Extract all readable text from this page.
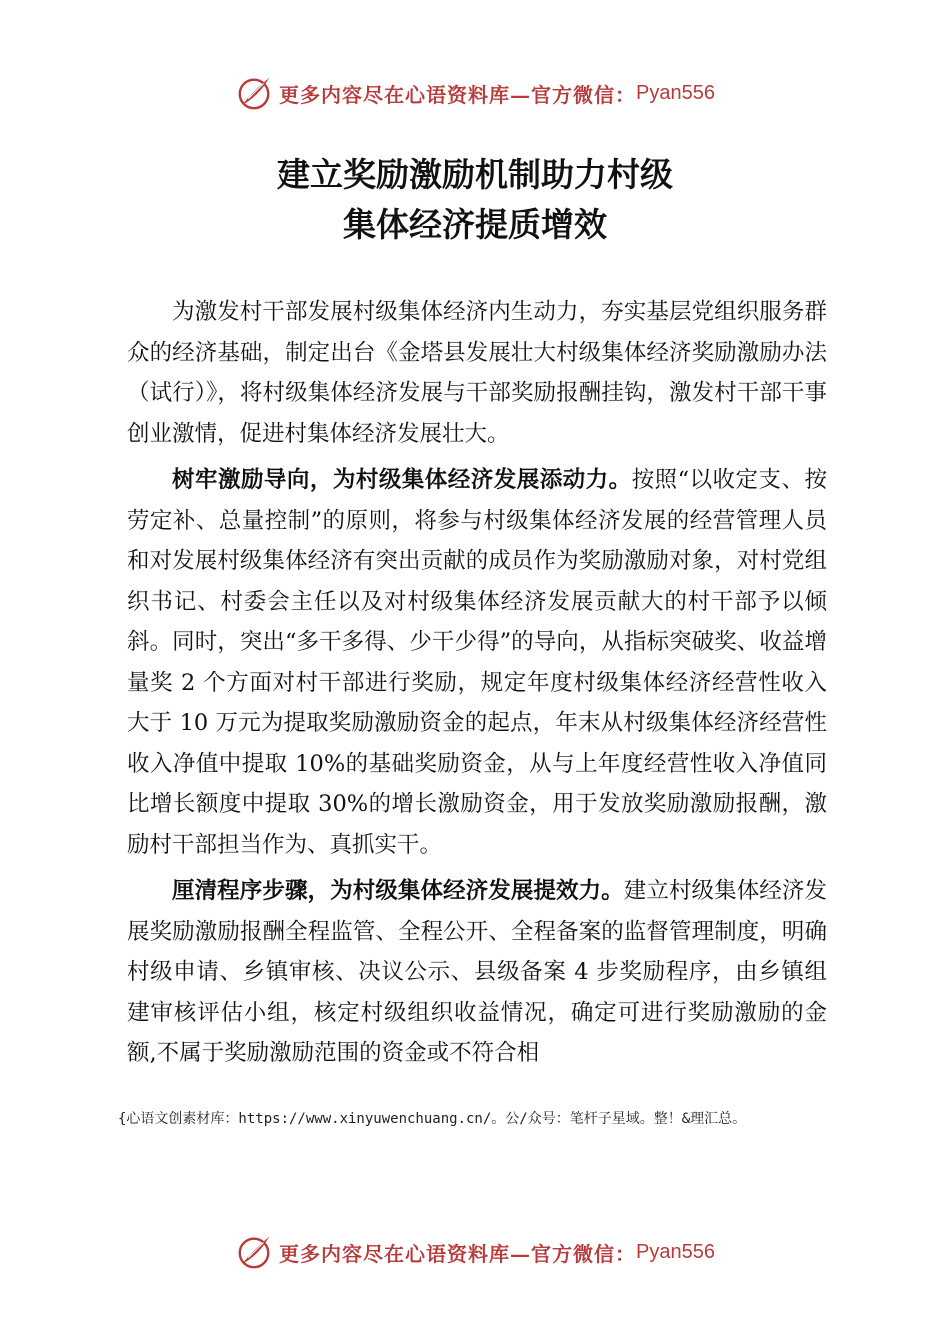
更多内容尽在心语资料库—官方微信： Pyan556
建立奖励激励机制助力村级
集体经济提质增效

为激发村干部发展村级集体经济内生动力，夯实基层党组织服务群众的经济基础，制定出台《金塔县发展壮大村级集体经济奖励激励办法（试行）》，将村级集体经济发展与干部奖励报酬挂钩，激发村干部干事创业激情，促进村集体经济发展壮大。

树牢激励导向，为村级集体经济发展添动力。按照“以收定支、按劳定补、总量控制”的原则，将参与村级集体经济发展的经营管理人员和对发展村级集体经济有突出贡献的成员作为奖励激励对象，对村党组织书记、村委会主任以及对村级集体经济发展贡献大的村干部予以倾斜。同时，突出“多干多得、少干少得”的导向，从指标突破奖、收益增量奖 2 个方面对村干部进行奖励，规定年度村级集体经济经营性收入大于 10 万元为提取奖励激励资金的起点，年末从村级集体经济经营性收入净值中提取 10%的基础奖励资金，从与上年度经营性收入净值同比增长额度中提取 30%的增长激励资金，用于发放奖励激励报酬，激励村干部担当作为、真抓实干。

厘清程序步骤，为村级集体经济发展提效力。建立村级集体经济发展奖励激励报酬全程监管、全程公开、全程备案的监督管理制度，明确村级申请、乡镇审核、决议公示、县级备案 4 步奖励程序，由乡镇组建审核评估小组，核定村级组织收益情况，确定可进行奖励激励的金额,不属于奖励激励范围的资金或不符合相

{心语文创素材库：https://www.xinyuwenchuang.cn/。公/众号：笔杆子星域。整！&理汇总。
更多内容尽在心语资料库—官方微信： Pyan556
